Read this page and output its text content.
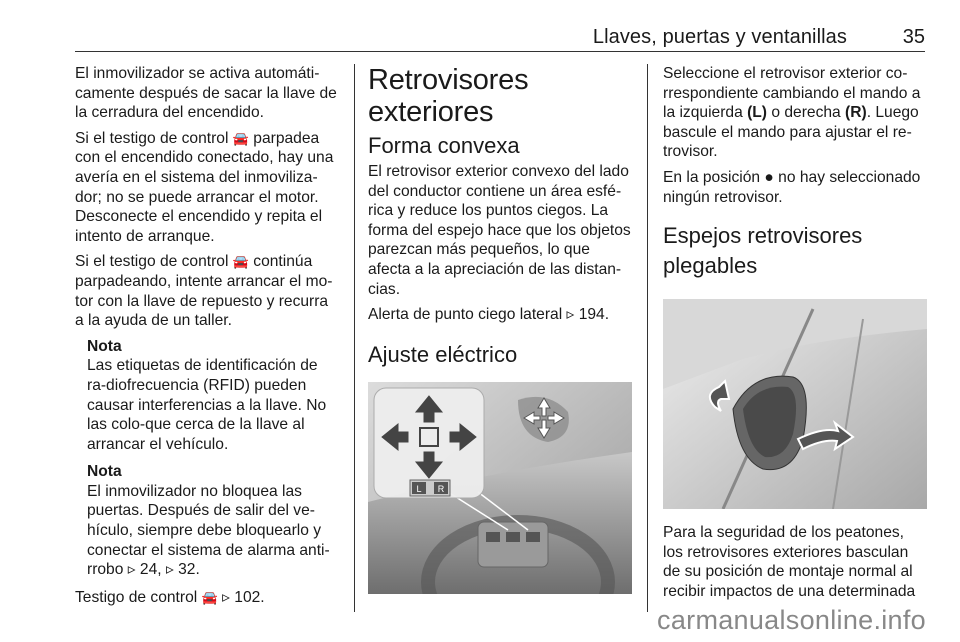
Llaves, puertas y ventanillas	35

El inmovilizador se activa automáti-camente después de sacar la llave de la cerradura del encendido.

Si el testigo de control 🚘 parpadea con el encendido conectado, hay una avería en el sistema del inmoviliza-dor; no se puede arrancar el motor. Desconecte el encendido y repita el intento de arranque.

Si el testigo de control 🚘 continúa parpadeando, intente arrancar el mo-tor con la llave de repuesto y recurra a la ayuda de un taller.

Nota
Las etiquetas de identificación de ra-diofrecuencia (RFID) pueden causar interferencias a la llave. No las colo-que cerca de la llave al arrancar el vehículo.
Nota
El inmovilizador no bloquea las puertas. Después de salir del ve-hículo, siempre debe bloquearlo y conectar el sistema de alarma anti-rrobo ▹ 24, ▹ 32.

Testigo de control 🚘 ▹ 102.

Retrovisores exteriores
Forma convexa

El retrovisor exterior convexo del lado del conductor contiene un área esfé-rica y reduce los puntos ciegos. La forma del espejo hace que los objetos parezcan más pequeños, lo que afecta a la apreciación de las distan-cias.

Alerta de punto ciego lateral ▹ 194.

Ajuste eléctrico
L R

Seleccione el retrovisor exterior co-rrespondiente cambiando el mando a la izquierda (L) o derecha (R). Luego bascule el mando para ajustar el re-trovisor.

En la posición ● no hay seleccionado ningún retrovisor.

Espejos retrovisores plegables

Para la seguridad de los peatones, los retrovisores exteriores basculan de su posición de montaje normal al recibir impactos de una determinada

carmanualsonline.info
